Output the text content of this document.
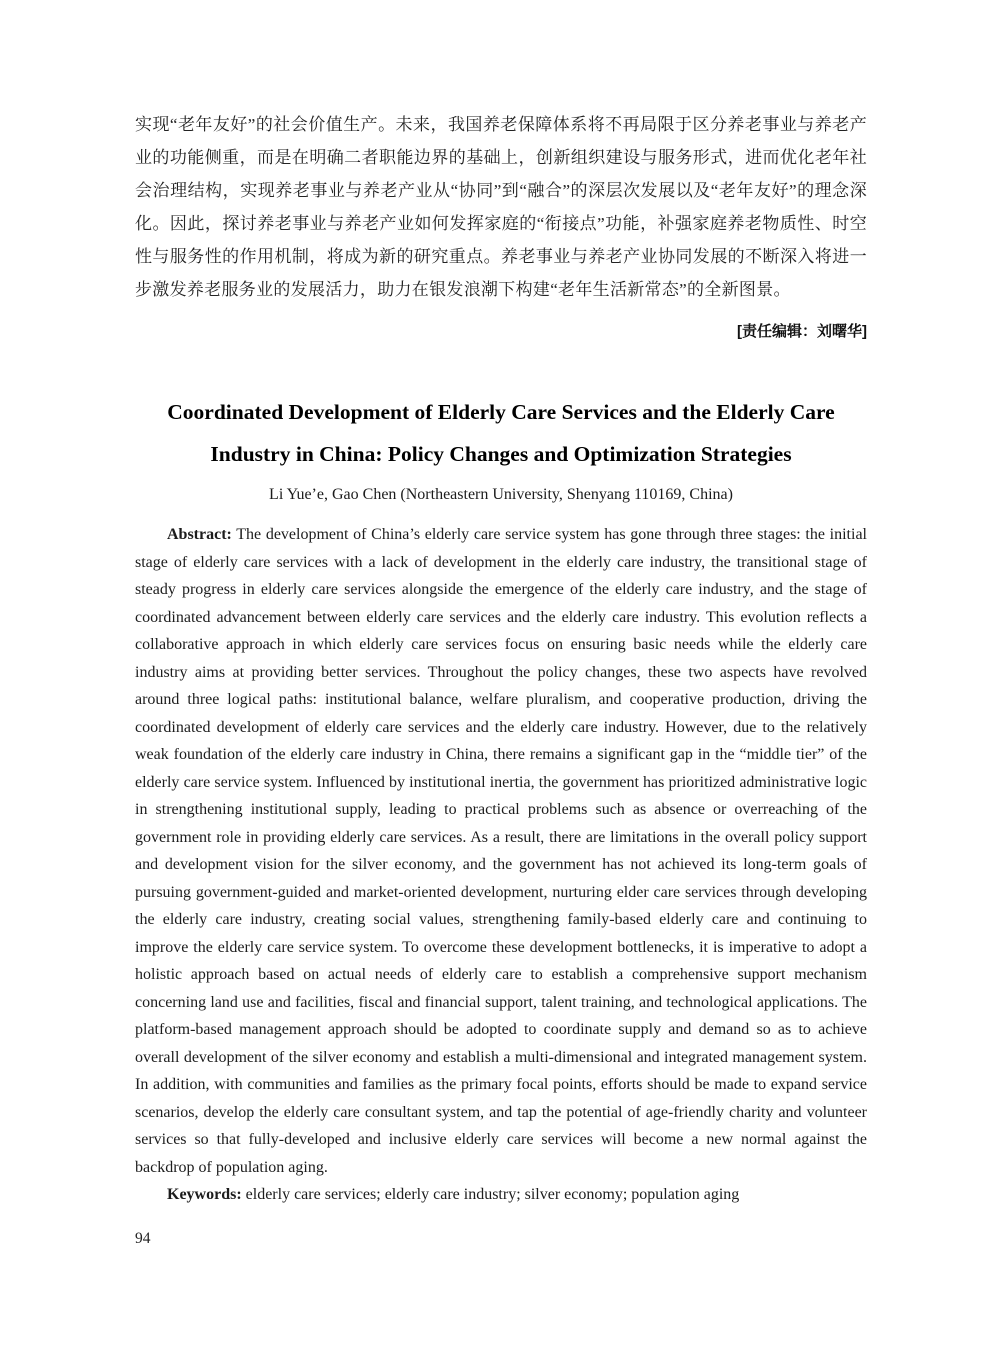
实现“老年友好”的社会价值生产。未来，我国养老保障体系将不再局限于区分养老事业与养老产业的功能侧重，而是在明确二者职能边界的基础上，创新组织建设与服务形式，进而优化老年社会治理结构，实现养老事业与养老产业从“协同”到“融合”的深层次发展以及“老年友好”的理念深化。因此，探讨养老事业与养老产业如何发挥家庭的“衔接点”功能，补强家庭养老物质性、时空性与服务性的作用机制，将成为新的研究重点。养老事业与养老产业协同发展的不断深入将进一步激发养老服务业的发展活力，助力在银发浪潮下构建“老年生活新常态”的全新图景。

[责任编辑：刘曙华]

Coordinated Development of Elderly Care Services and the Elderly Care
Industry in China: Policy Changes and Optimization Strategies

Li Yue’e, Gao Chen (Northeastern University, Shenyang 110169, China)

Abstract: The development of China’s elderly care service system has gone through three stages: the initial stage of elderly care services with a lack of development in the elderly care industry, the transitional stage of steady progress in elderly care services alongside the emergence of the elderly care industry, and the stage of coordinated advancement between elderly care services and the elderly care industry. This evolution reflects a collaborative approach in which elderly care services focus on ensuring basic needs while the elderly care industry aims at providing better services. Throughout the policy changes, these two aspects have revolved around three logical paths: institutional balance, welfare pluralism, and cooperative production, driving the coordinated development of elderly care services and the elderly care industry. However, due to the relatively weak foundation of the elderly care industry in China, there remains a significant gap in the “middle tier” of the elderly care service system. Influenced by institutional inertia, the government has prioritized administrative logic in strengthening institutional supply, leading to practical problems such as absence or overreaching of the government role in providing elderly care services. As a result, there are limitations in the overall policy support and development vision for the silver economy, and the government has not achieved its long-term goals of pursuing government-guided and market-oriented development, nurturing elder care services through developing the elderly care industry, creating social values, strengthening family-based elderly care and continuing to improve the elderly care service system. To overcome these development bottlenecks, it is imperative to adopt a holistic approach based on actual needs of elderly care to establish a comprehensive support mechanism concerning land use and facilities, fiscal and financial support, talent training, and technological applications. The platform-based management approach should be adopted to coordinate supply and demand so as to achieve overall development of the silver economy and establish a multi-dimensional and integrated management system. In addition, with communities and families as the primary focal points, efforts should be made to expand service scenarios, develop the elderly care consultant system, and tap the potential of age-friendly charity and volunteer services so that fully-developed and inclusive elderly care services will become a new normal against the backdrop of population aging.

Keywords: elderly care services; elderly care industry; silver economy; population aging

94
